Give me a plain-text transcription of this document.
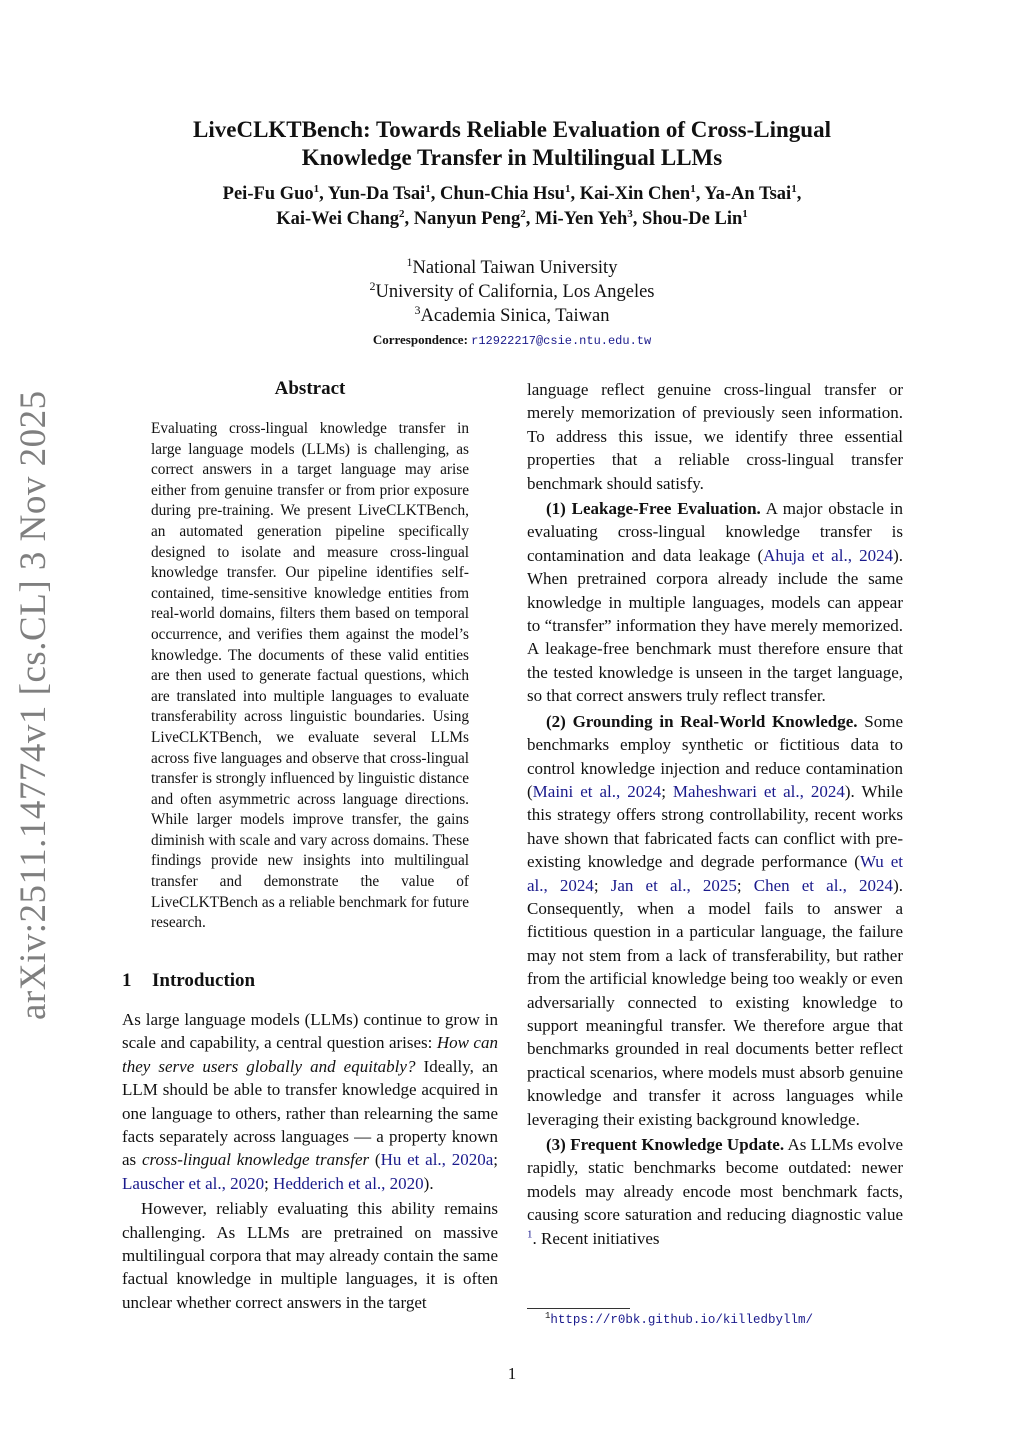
arXiv:2511.14774v1 [cs.CL] 3 Nov 2025
LiveCLKTBench: Towards Reliable Evaluation of Cross-Lingual
Knowledge Transfer in Multilingual LLMs
Pei-Fu Guo$^1$, Yun-Da Tsai$^1$, Chun-Chia Hsu$^1$, Kai-Xin Chen$^1$, Ya-An Tsai$^1$,
Kai-Wei Chang$^2$, Nanyun Peng$^2$, Mi-Yen Yeh$^3$, Shou-De Lin$^1$
$^1$National Taiwan University
$^2$University of California, Los Angeles
$^3$Academia Sinica, Taiwan
Correspondence: r12922217@csie.ntu.edu.tw
Abstract

Evaluating cross-lingual knowledge transfer in large language models (LLMs) is challenging, as correct answers in a target language may arise either from genuine transfer or from prior exposure during pre-training. We present LiveCLKTBench, an automated generation pipeline specifically designed to isolate and measure cross-lingual knowledge transfer. Our pipeline identifies self-contained, time-sensitive knowledge entities from real-world domains, filters them based on temporal occurrence, and verifies them against the model’s knowledge. The documents of these valid entities are then used to generate factual questions, which are translated into multiple languages to evaluate transferability across linguistic boundaries. Using LiveCLKTBench, we evaluate several LLMs across five languages and observe that cross-lingual transfer is strongly influenced by linguistic distance and often asymmetric across language directions. While larger models improve transfer, the gains diminish with scale and vary across domains. These findings provide new insights into multilingual transfer and demonstrate the value of LiveCLKTBench as a reliable benchmark for future research.

1 Introduction

As large language models (LLMs) continue to grow in scale and capability, a central question arises: How can they serve users globally and equitably? Ideally, an LLM should be able to transfer knowledge acquired in one language to others, rather than relearning the same facts separately across languages — a property known as cross-lingual knowledge transfer (Hu et al., 2020a; Lauscher et al., 2020; Hedderich et al., 2020).

However, reliably evaluating this ability remains challenging. As LLMs are pretrained on massive multilingual corpora that may already contain the same factual knowledge in multiple languages, it is often unclear whether correct answers in the target

language reflect genuine cross-lingual transfer or merely memorization of previously seen information. To address this issue, we identify three essential properties that a reliable cross-lingual transfer benchmark should satisfy.

(1) Leakage-Free Evaluation. A major obstacle in evaluating cross-lingual knowledge transfer is contamination and data leakage (Ahuja et al., 2024). When pretrained corpora already include the same knowledge in multiple languages, models can appear to “transfer” information they have merely memorized. A leakage-free benchmark must therefore ensure that the tested knowledge is unseen in the target language, so that correct answers truly reflect transfer.

(2) Grounding in Real-World Knowledge. Some benchmarks employ synthetic or fictitious data to control knowledge injection and reduce contamination (Maini et al., 2024; Maheshwari et al., 2024). While this strategy offers strong controllability, recent works have shown that fabricated facts can conflict with pre-existing knowledge and degrade performance (Wu et al., 2024; Jan et al., 2025; Chen et al., 2024). Consequently, when a model fails to answer a fictitious question in a particular language, the failure may not stem from a lack of transferability, but rather from the artificial knowledge being too weakly or even adversarially connected to existing knowledge to support meaningful transfer. We therefore argue that benchmarks grounded in real documents better reflect practical scenarios, where models must absorb genuine knowledge and transfer it across languages while leveraging their existing background knowledge.

(3) Frequent Knowledge Update. As LLMs evolve rapidly, static benchmarks become outdated: newer models may already encode most benchmark facts, causing score saturation and reducing diagnostic value $^1$. Recent initiatives

$^1$https://r0bk.github.io/killedbyllm/
1
